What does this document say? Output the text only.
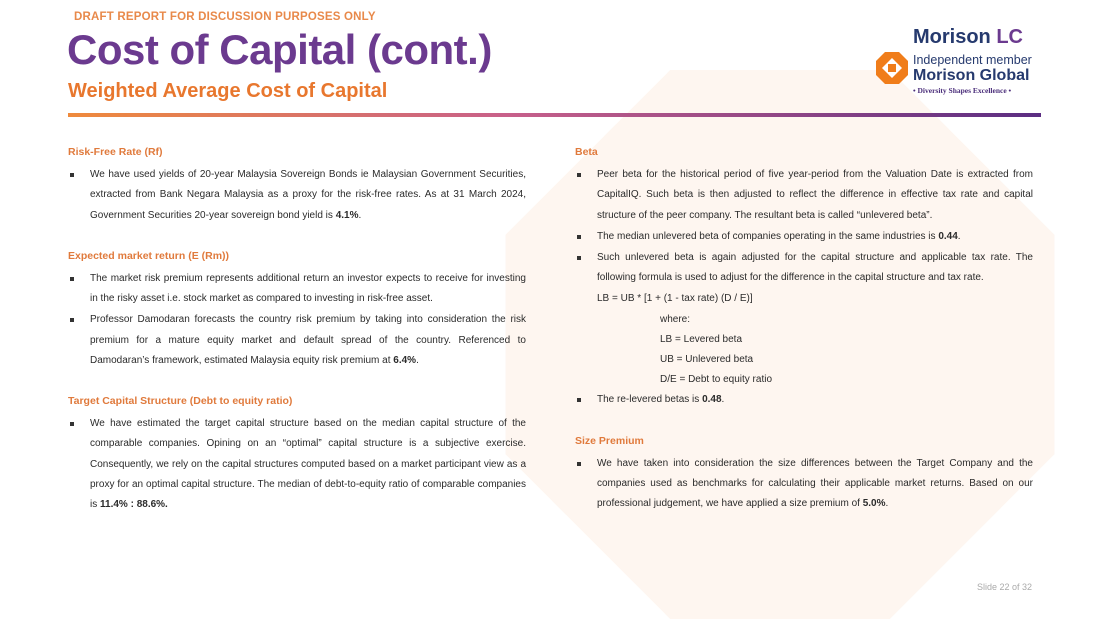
DRAFT REPORT FOR DISCUSSION PURPOSES ONLY
Cost of Capital (cont.)
Weighted Average Cost of Capital
Morison LC
Independent member
Morison Global
• Diversity Shapes Excellence •
Risk-Free Rate (Rf)
We have used yields of 20-year Malaysia Sovereign Bonds ie Malaysian Government Securities, extracted from Bank Negara Malaysia as a proxy for the risk-free rates. As at 31 March 2024, Government Securities 20-year sovereign bond yield is 4.1%.
Expected market return (E (Rm))
The market risk premium represents additional return an investor expects to receive for investing in the risky asset i.e. stock market as compared to investing in risk-free asset.
Professor Damodaran forecasts the country risk premium by taking into consideration the risk premium for a mature equity market and default spread of the country. Referenced to Damodaran’s framework, estimated Malaysia equity risk premium at 6.4%.
Target Capital Structure (Debt to equity ratio)
We have estimated the target capital structure based on the median capital structure of the comparable companies. Opining on an “optimal” capital structure is a subjective exercise. Consequently, we rely on the capital structures computed based on a market participant view as a proxy for an optimal capital structure. The median of debt-to-equity ratio of comparable companies is 11.4% : 88.6%.
Beta
Peer beta for the historical period of five year-period from the Valuation Date is extracted from CapitalIQ. Such beta is then adjusted to reflect the difference in effective tax rate and capital structure of the peer company. The resultant beta is called “unlevered beta”.
The median unlevered beta of companies operating in the same industries is 0.44.
Such unlevered beta is again adjusted for the capital structure and applicable tax rate. The following formula is used to adjust for the difference in the capital structure and tax rate.
LB = UB * [1 + (1 - tax rate) (D / E)]
where:
LB = Levered beta
UB = Unlevered beta
D/E = Debt to equity ratio
The re-levered betas is 0.48.
Size Premium
We have taken into consideration the size differences between the Target Company and the companies used as benchmarks for calculating their applicable market returns. Based on our professional judgement, we have applied a size premium of 5.0%.
Slide 22 of 32
